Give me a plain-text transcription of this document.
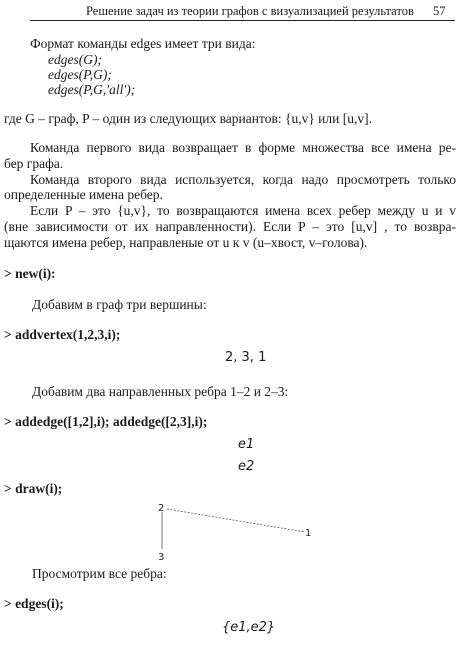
Решение задач из теории графов с визуализацией результатов 57
Формат команды edges имеет три вида:
edges(G);
edges(P,G);
edges(P,G,'all');
где G – граф, P – один из следующих вариантов: {u,v} или [u,v].
Команда первого вида возвращает в форме множества все имена ре-
бер графа.
Команда второго вида используется, когда надо просмотреть только
определенные имена ребер.
Если P – это {u,v}, то возвращаются имена всех ребер между u и v
(вне зависимости от их направленности). Если P – это [u,v] , то возвра-
щаются имена ребер, направленые от u к v (u–хвост, v–голова).
> new(i):
Добавим в граф три вершины:
> addvertex(1,2,3,i);
2, 3, 1
Добавим два направленных ребра 1–2 и 2–3:
> addedge([1,2],i); addedge([2,3],i);
e1
e2
> draw(i);
2
1
3
Просмотрим все ребра:
> edges(i);
{e1,e2}
